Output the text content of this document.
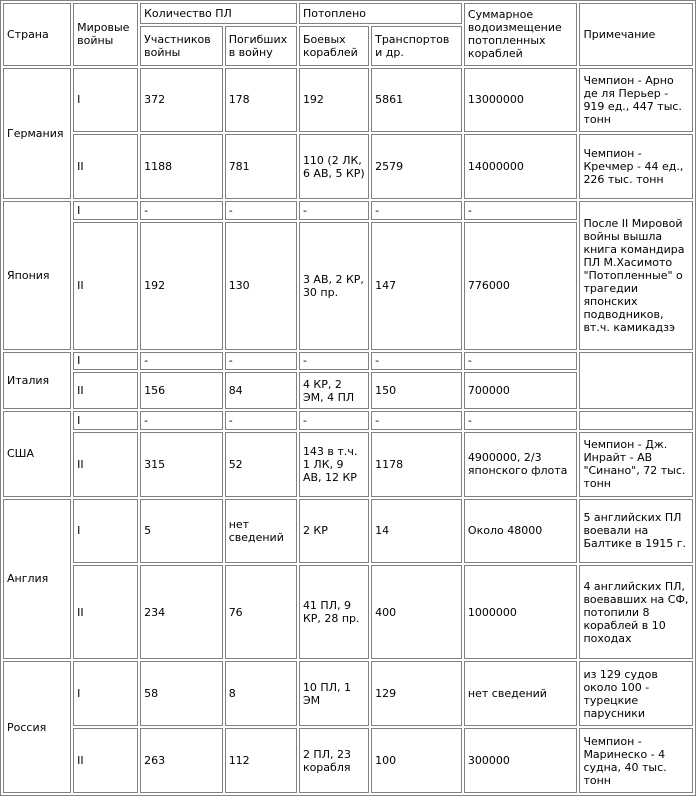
Страна	Мировые войны	Количество ПЛ		Потоплено		Суммарное водоизмещение потопленных кораблей	Примечание
		Участников войны	Погибших в войну	Боевых кораблей	Транспортов и др.		
Германия	I	372	178	192	5861	13000000	Чемпион - Арно де ля Перьер - 919 ед., 447 тыс. тонн
	II	1188	781	110 (2 ЛК, 6 АВ, 5 КР)	2579	14000000	Чемпион - Кречмер - 44 ед., 226 тыс. тонн
Япония	I	-	-	-	-	-	После II Мировой войны вышла книга командира ПЛ М.Хасимото "Потопленные" о трагедии японских подводников, вт.ч. камикадзэ
	II	192	130	3 АВ, 2 КР, 30 пр.	147	776000	
Италия	I	-	-	-	-	-	
	II	156	84	4 КР, 2 ЭМ, 4 ПЛ	150	700000	
США	I	-	-	-	-	-	
	II	315	52	143 в т.ч. 1 ЛК, 9 АВ, 12 КР	1178	4900000, 2/3 японского флота	Чемпион - Дж. Инрайт - АВ "Синано", 72 тыс. тонн
Англия	I	5	нет сведений	2 КР	14	Около 48000	5 английских ПЛ воевали на Балтике в 1915 г.
	II	234	76	41 ПЛ, 9 КР, 28 пр.	400	1000000	4 английских ПЛ, воевавших на СФ, потопили 8 кораблей в 10 походах
Россия	I	58	8	10 ПЛ, 1 ЭМ	129	нет сведений	из 129 судов около 100 - турецкие парусники
	II	263	112	2 ПЛ, 23 корабля	100	300000	Чемпион - Маринеско - 4 судна, 40 тыс. тонн
